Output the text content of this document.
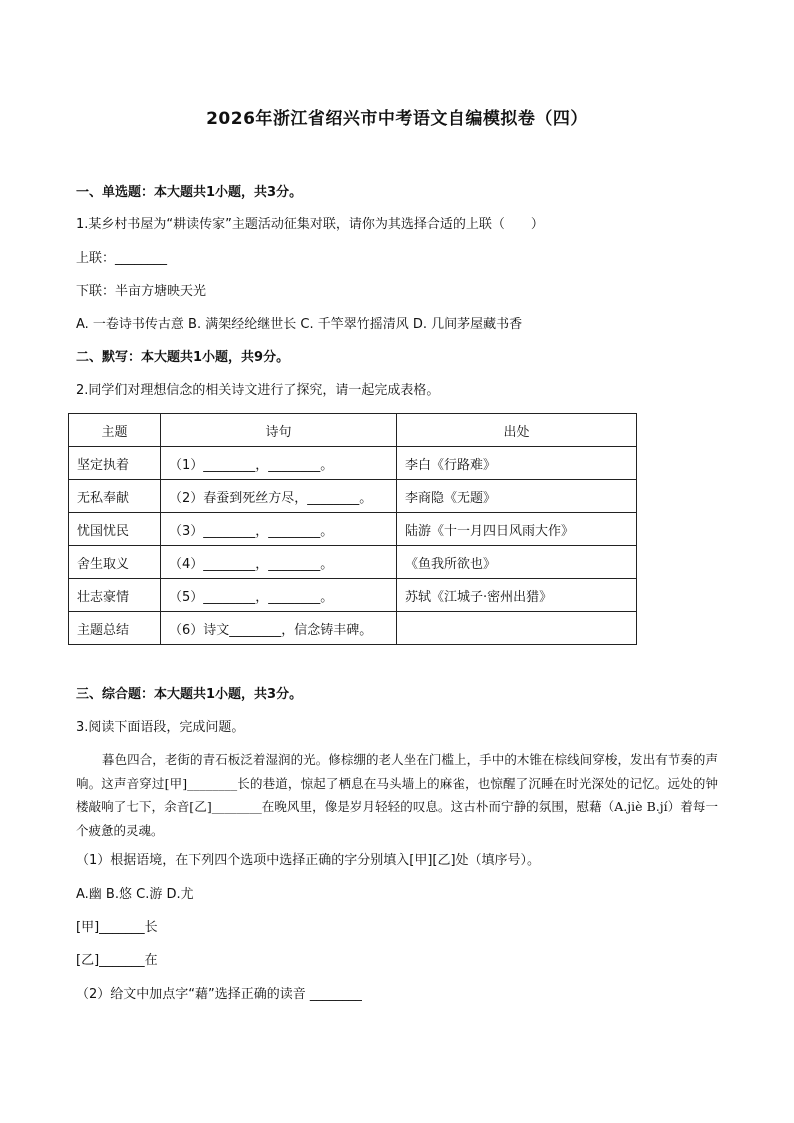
2026年浙江省绍兴市中考语文自编模拟卷（四）
一、单选题：本大题共1小题，共3分。
1.某乡村书屋为“耕读传家”主题活动征集对联，请你为其选择合适的上联（　　）
上联：________
下联：半亩方塘映天光
A. 一卷诗书传古意 B. 满架经纶继世长 C. 千竿翠竹摇清风 D. 几间茅屋藏书香
二、默写：本大题共1小题，共9分。
2.同学们对理想信念的相关诗文进行了探究，请一起完成表格。
主题	诗句	出处
坚定执着	（1）________，________。	李白《行路难》
无私奉献	（2）春蚕到死丝方尽，________。	李商隐《无题》
忧国忧民	（3）________，________。	陆游《十一月四日风雨大作》
舍生取义	（4）________，________。	《鱼我所欲也》
壮志豪情	（5）________，________。	苏轼《江城子·密州出猎》
主题总结	（6）诗文________，信念铸丰碑。	
三、综合题：本大题共1小题，共3分。
3.阅读下面语段，完成问题。
暮色四合，老街的青石板泛着湿润的光。修棕绷的老人坐在门槛上，手中的木锥在棕线间穿梭，发出有节奏的声响。这声音穿过[甲]________长的巷道，惊起了栖息在马头墙上的麻雀，也惊醒了沉睡在时光深处的记忆。远处的钟楼敲响了七下，余音[乙]________在晚风里，像是岁月轻轻的叹息。这古朴而宁静的氛围，慰藉（A.jiè B.jí）着每一个疲惫的灵魂。
（1）根据语境，在下列四个选项中选择正确的字分别填入[甲][乙]处（填序号）。
A.幽 B.悠 C.游 D.尤
[甲]_______长
[乙]_______在
（2）给文中加点字“藉”选择正确的读音 ________
